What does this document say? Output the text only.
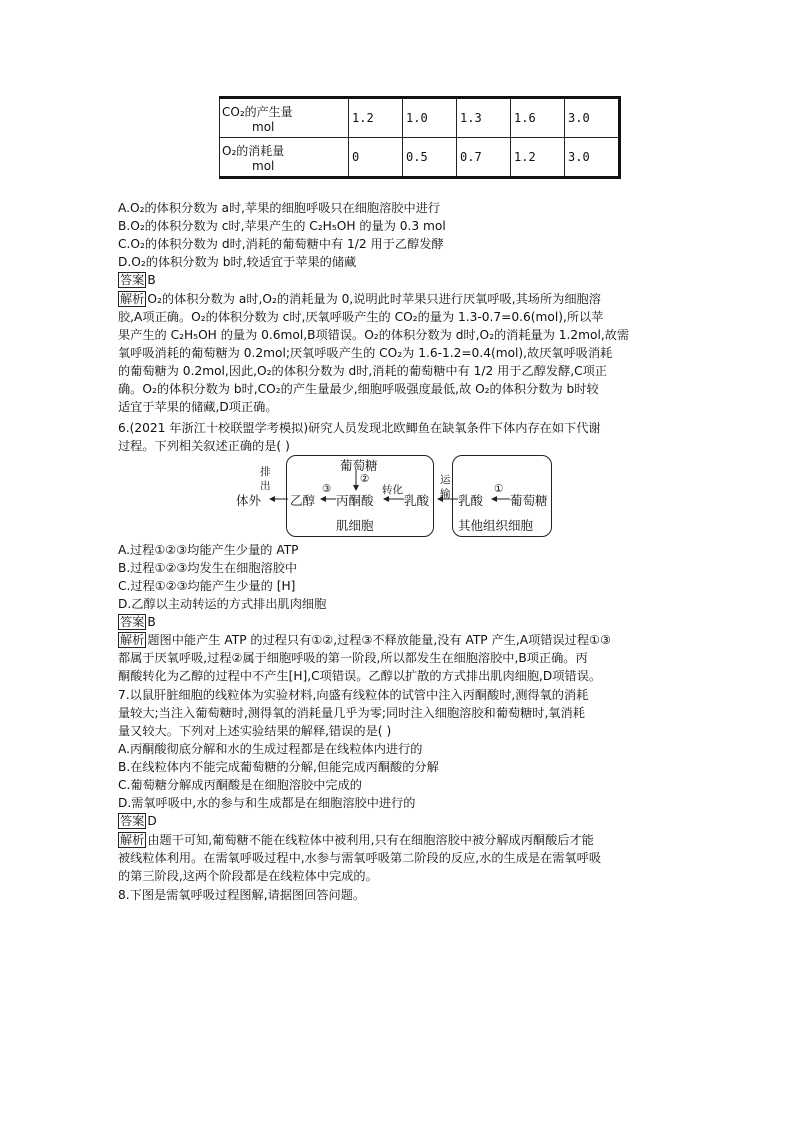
CO₂的产生量
mol	1.2	1.0	1.3	1.6	3.0

O₂的消耗量
mol	0	0.5	0.7	1.2	3.0
A.O₂的体积分数为 a时,苹果的细胞呼吸只在细胞溶胶中进行
B.O₂的体积分数为 c时,苹果产生的 C₂H₅OH 的量为 0.3 mol
C.O₂的体积分数为 d时,消耗的葡萄糖中有 1/2 用于乙醇发酵
D.O₂的体积分数为 b时,较适宜于苹果的储藏
答案 B
解析 O₂的体积分数为 a时,O₂的消耗量为 0,说明此时苹果只进行厌氧呼吸,其场所为细胞溶
胶,A项正确。O₂的体积分数为 c时,厌氧呼吸产生的 CO₂的量为 1.3-0.7=0.6(mol),所以苹
果产生的 C₂H₅OH 的量为 0.6mol,B项错误。O₂的体积分数为 d时,O₂的消耗量为 1.2mol,故需
氧呼吸消耗的葡萄糖为 0.2mol;厌氧呼吸产生的 CO₂为 1.6-1.2=0.4(mol),故厌氧呼吸消耗
的葡萄糖为 0.2mol,因此,O₂的体积分数为 d时,消耗的葡萄糖中有 1/2 用于乙醇发酵,C项正
确。O₂的体积分数为 b时,CO₂的产生量最少,细胞呼吸强度最低,故 O₂的体积分数为 b时较
适宜于苹果的储藏,D项正确。
6.(2021 年浙江十校联盟学考模拟)研究人员发现北欧鲫鱼在缺氧条件下体内存在如下代谢
过程。下列相关叙述正确的是( )
葡萄糖
②
排
出
体外 乙醇
③
丙酮酸
转化
乳酸
肌细胞
运
输 乳酸
①
葡萄糖
其他组织细胞
A.过程①②③均能产生少量的 ATP
B.过程①②③均发生在细胞溶胶中
C.过程①②③均能产生少量的 [H]
D.乙醇以主动转运的方式排出肌肉细胞
答案 B
解析 题图中能产生 ATP 的过程只有①②,过程③不释放能量,没有 ATP 产生,A项错误过程①③
都属于厌氧呼吸,过程②属于细胞呼吸的第一阶段,所以都发生在细胞溶胶中,B项正确。丙
酮酸转化为乙醇的过程中不产生[H],C项错误。乙醇以扩散的方式排出肌肉细胞,D项错误。
7.以鼠肝脏细胞的线粒体为实验材料,向盛有线粒体的试管中注入丙酮酸时,测得氧的消耗
量较大;当注入葡萄糖时,测得氧的消耗量几乎为零;同时注入细胞溶胶和葡萄糖时,氧消耗
量又较大。下列对上述实验结果的解释,错误的是( )
A.丙酮酸彻底分解和水的生成过程都是在线粒体内进行的
B.在线粒体内不能完成葡萄糖的分解,但能完成丙酮酸的分解
C.葡萄糖分解成丙酮酸是在细胞溶胶中完成的
D.需氧呼吸中,水的参与和生成都是在细胞溶胶中进行的
答案 D
解析 由题干可知,葡萄糖不能在线粒体中被利用,只有在细胞溶胶中被分解成丙酮酸后才能
被线粒体利用。在需氧呼吸过程中,水参与需氧呼吸第二阶段的反应,水的生成是在需氧呼吸
的第三阶段,这两个阶段都是在线粒体中完成的。
8.下图是需氧呼吸过程图解,请据图回答问题。
